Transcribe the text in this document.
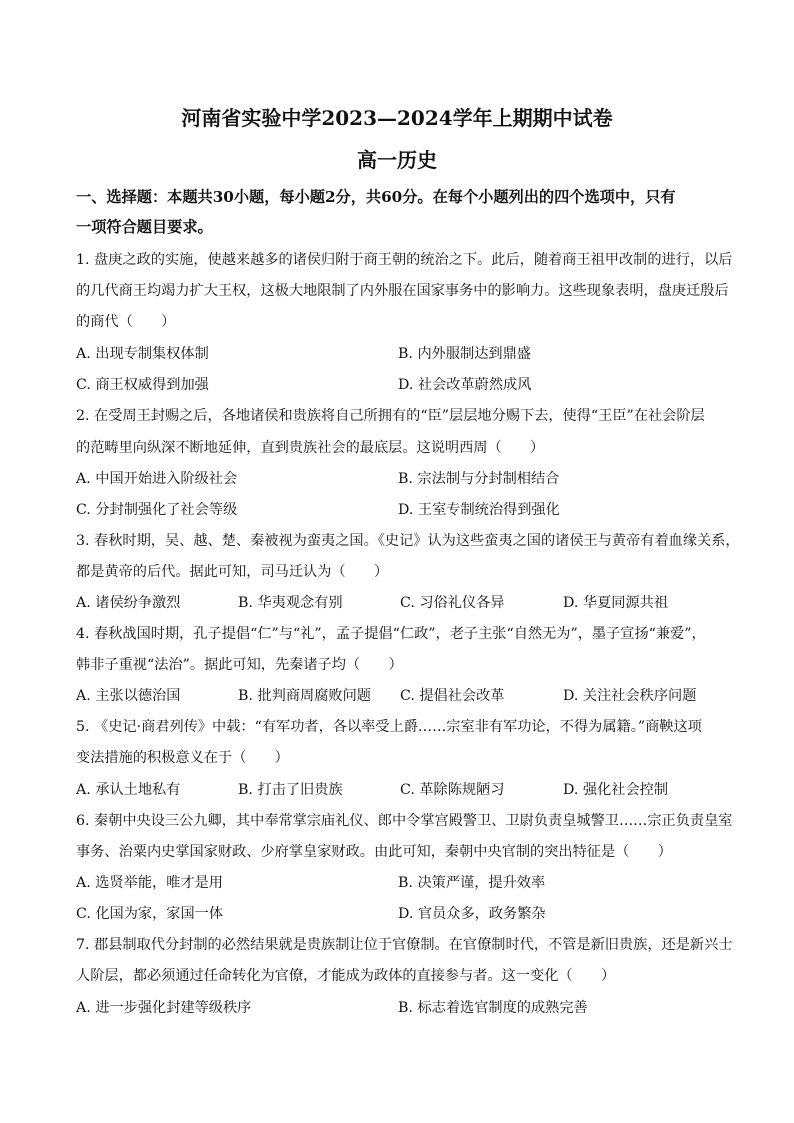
河南省实验中学2023—2024学年上期期中试卷
高一历史
一、选择题：本题共30小题，每小题2分，共60分。在每个小题列出的四个选项中，只有
一项符合题目要求。
1. 盘庚之政的实施，使越来越多的诸侯归附于商王朝的统治之下。此后，随着商王祖甲改制的进行，以后
的几代商王均竭力扩大王权，这极大地限制了内外服在国家事务中的影响力。这些现象表明，盘庚迁殷后
的商代（　　）
A. 出现专制集权体制	B. 内外服制达到鼎盛
C. 商王权威得到加强	D. 社会改革蔚然成风
2. 在受周王封赐之后，各地诸侯和贵族将自己所拥有的“臣”层层地分赐下去，使得“王臣”在社会阶层
的范畴里向纵深不断地延伸，直到贵族社会的最底层。这说明西周（　　）
A. 中国开始进入阶级社会	B. 宗法制与分封制相结合
C. 分封制强化了社会等级	D. 王室专制统治得到强化
3. 春秋时期，吴、越、楚、秦被视为蛮夷之国。《史记》认为这些蛮夷之国的诸侯王与黄帝有着血缘关系，
都是黄帝的后代。据此可知，司马迁认为（　　）
A. 诸侯纷争激烈	B. 华夷观念有别	C. 习俗礼仪各异	D. 华夏同源共祖
4. 春秋战国时期，孔子提倡“仁”与“礼”，孟子提倡“仁政”，老子主张“自然无为”，墨子宣扬“兼爱”，
韩非子重视“法治”。据此可知，先秦诸子均（　　）
A. 主张以德治国	B. 批判商周腐败问题 C. 提倡社会改革	D. 关注社会秩序问题
5. 《史记·商君列传》中载：“有军功者，各以率受上爵……宗室非有军功论，不得为属籍。”商鞅这项
变法措施的积极意义在于（　　）
A. 承认土地私有	B. 打击了旧贵族	C. 革除陈规陋习	D. 强化社会控制
6. 秦朝中央设三公九卿，其中奉常掌宗庙礼仪、郎中令掌宫殿警卫、卫尉负责皇城警卫……宗正负责皇室
事务、治粟内史掌国家财政、少府掌皇家财政。由此可知，秦朝中央官制的突出特征是（　　）
A. 选贤举能，唯才是用	B. 决策严谨，提升效率
C. 化国为家，家国一体	D. 官员众多，政务繁杂
7. 郡县制取代分封制的必然结果就是贵族制让位于官僚制。在官僚制时代，不管是新旧贵族，还是新兴士
人阶层，都必须通过任命转化为官僚，才能成为政体的直接参与者。这一变化（　　）
A. 进一步强化封建等级秩序	B. 标志着选官制度的成熟完善
